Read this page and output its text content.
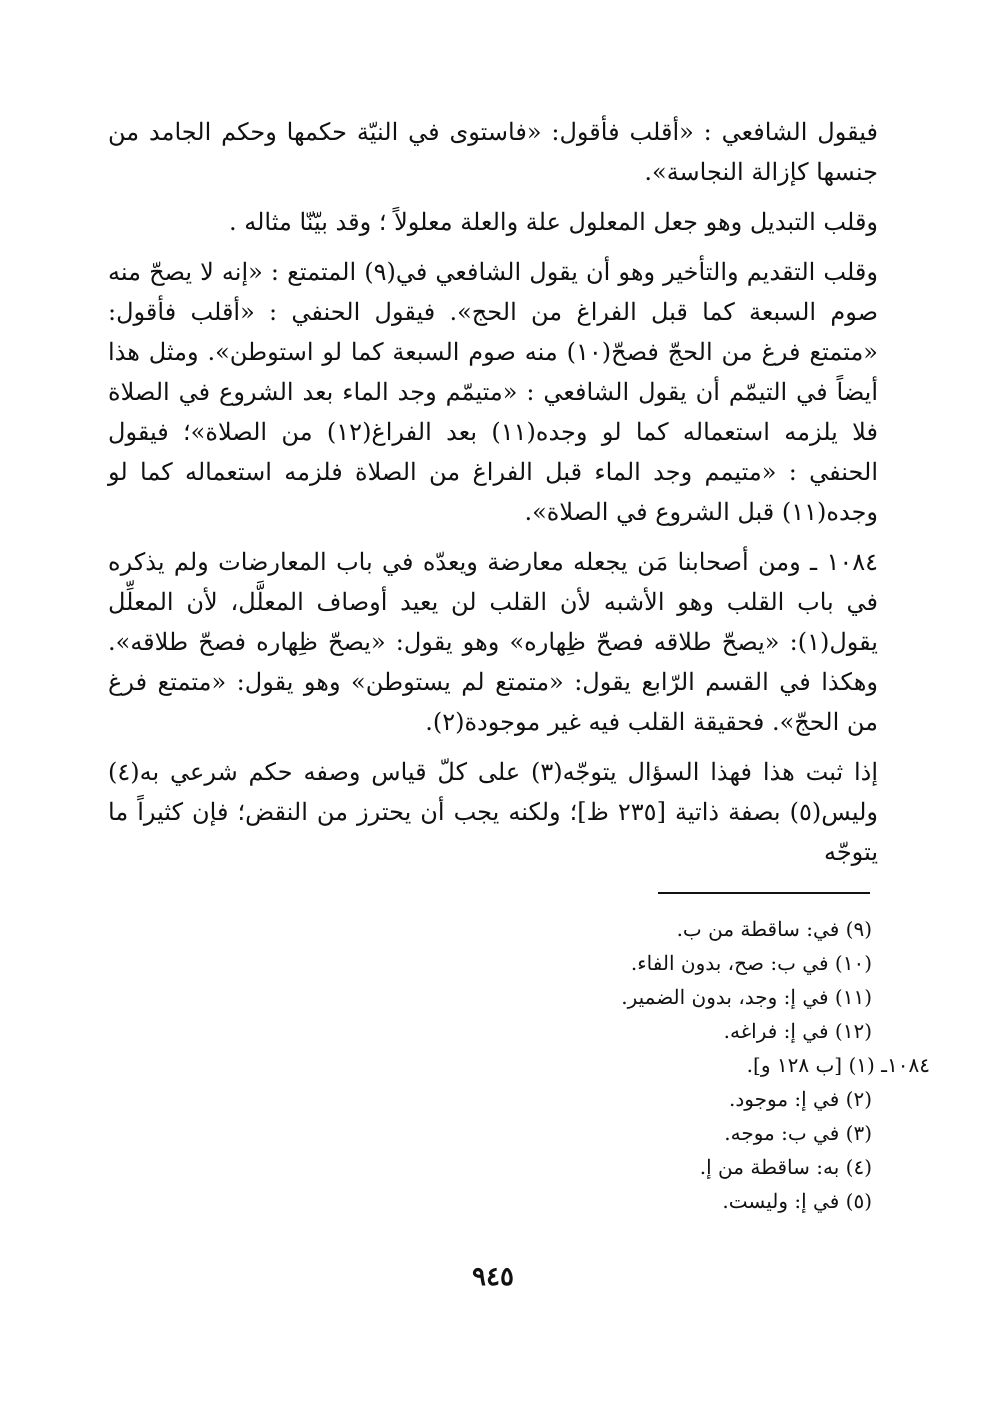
فيقول الشافعي : «أقلب فأقول: «فاستوى في النيّة حكمها وحكم الجامد من جنسها كإزالة النجاسة».

وقلب التبديل وهو جعل المعلول علة والعلة معلولاً ؛ وقد بيّنّا مثاله .

وقلب التقديم والتأخير وهو أن يقول الشافعي في(٩) المتمتع : «إنه لا يصحّ منه صوم السبعة كما قبل الفراغ من الحج». فيقول الحنفي : «أقلب فأقول: «متمتع فرغ من الحجّ فصحّ(١٠) منه صوم السبعة كما لو استوطن». ومثل هذا أيضاً في التيمّم أن يقول الشافعي : «متيمّم وجد الماء بعد الشروع في الصلاة فلا يلزمه استعماله كما لو وجده(١١) بعد الفراغ(١٢) من الصلاة»؛ فيقول الحنفي : «متيمم وجد الماء قبل الفراغ من الصلاة فلزمه استعماله كما لو وجده(١١) قبل الشروع في الصلاة».

١٠٨٤ ـ ومن أصحابنا مَن يجعله معارضة ويعدّه في باب المعارضات ولم يذكره في باب القلب وهو الأشبه لأن القلب لن يعيد أوصاف المعلَّل، لأن المعلِّل يقول(١): «يصحّ طلاقه فصحّ ظِهاره» وهو يقول: «يصحّ ظِهاره فصحّ طلاقه». وهكذا في القسم الرّابع يقول: «متمتع لم يستوطن» وهو يقول: «متمتع فرغ من الحجّ». فحقيقة القلب فيه غير موجودة(٢).

إذا ثبت هذا فهذا السؤال يتوجّه(٣) على كلّ قياس وصفه حكم شرعي به(٤) وليس(٥) بصفة ذاتية [٢٣٥ ظ]؛ ولكنه يجب أن يحترز من النقض؛ فإن كثيراً ما يتوجّه

(٩) في: ساقطة من ب.

(١٠) في ب: صح، بدون الفاء.

(١١) في إ: وجد، بدون الضمير.

(١٢) في إ: فراغه.

١٠٨٤ـ (١) [ب ١٢٨ و].

(٢) في إ: موجود.

(٣) في ب: موجه.

(٤) به: ساقطة من إ.

(٥) في إ: وليست.

٩٤٥
